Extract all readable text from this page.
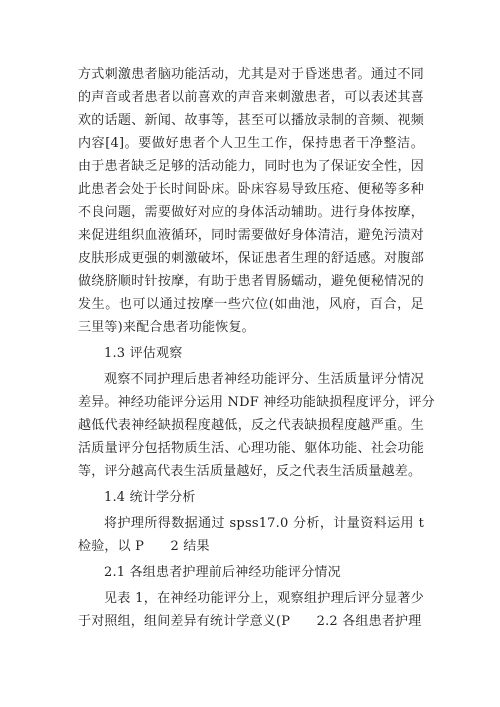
方式刺激患者脑功能活动，尤其是对于昏迷患者。通过不同
的声音或者患者以前喜欢的声音来刺激患者，可以表述其喜
欢的话题、新闻、故事等，甚至可以播放录制的音频、视频
内容[4]。要做好患者个人卫生工作，保持患者干净整洁。
由于患者缺乏足够的活动能力，同时也为了保证安全性，因
此患者会处于长时间卧床。卧床容易导致压疮、便秘等多种
不良问题，需要做好对应的身体活动辅助。进行身体按摩，
来促进组织血液循环，同时需要做好身体清洁，避免污渍对
皮肤形成更强的刺激破坏，保证患者生理的舒适感。对腹部
做绕脐顺时针按摩，有助于患者胃肠蠕动，避免便秘情况的
发生。也可以通过按摩一些穴位(如曲池，风府，百合，足
三里等)来配合患者功能恢复。
1.3 评估观察
观察不同护理后患者神经功能评分、生活质量评分情况
差异。神经功能评分运用 NDF 神经功能缺损程度评分，评分
越低代表神经缺损程度越低，反之代表缺损程度越严重。生
活质量评分包括物质生活、心理功能、躯体功能、社会功能
等，评分越高代表生活质量越好，反之代表生活质量越差。
1.4 统计学分析
将护理所得数据通过 spss17.0 分析，计量资料运用 t
检验，以 P　　2 结果
2.1 各组患者护理前后神经功能评分情况
见表 1，在神经功能评分上，观察组护理后评分显著少
于对照组，组间差异有统计学意义(P　　2.2 各组患者护理
